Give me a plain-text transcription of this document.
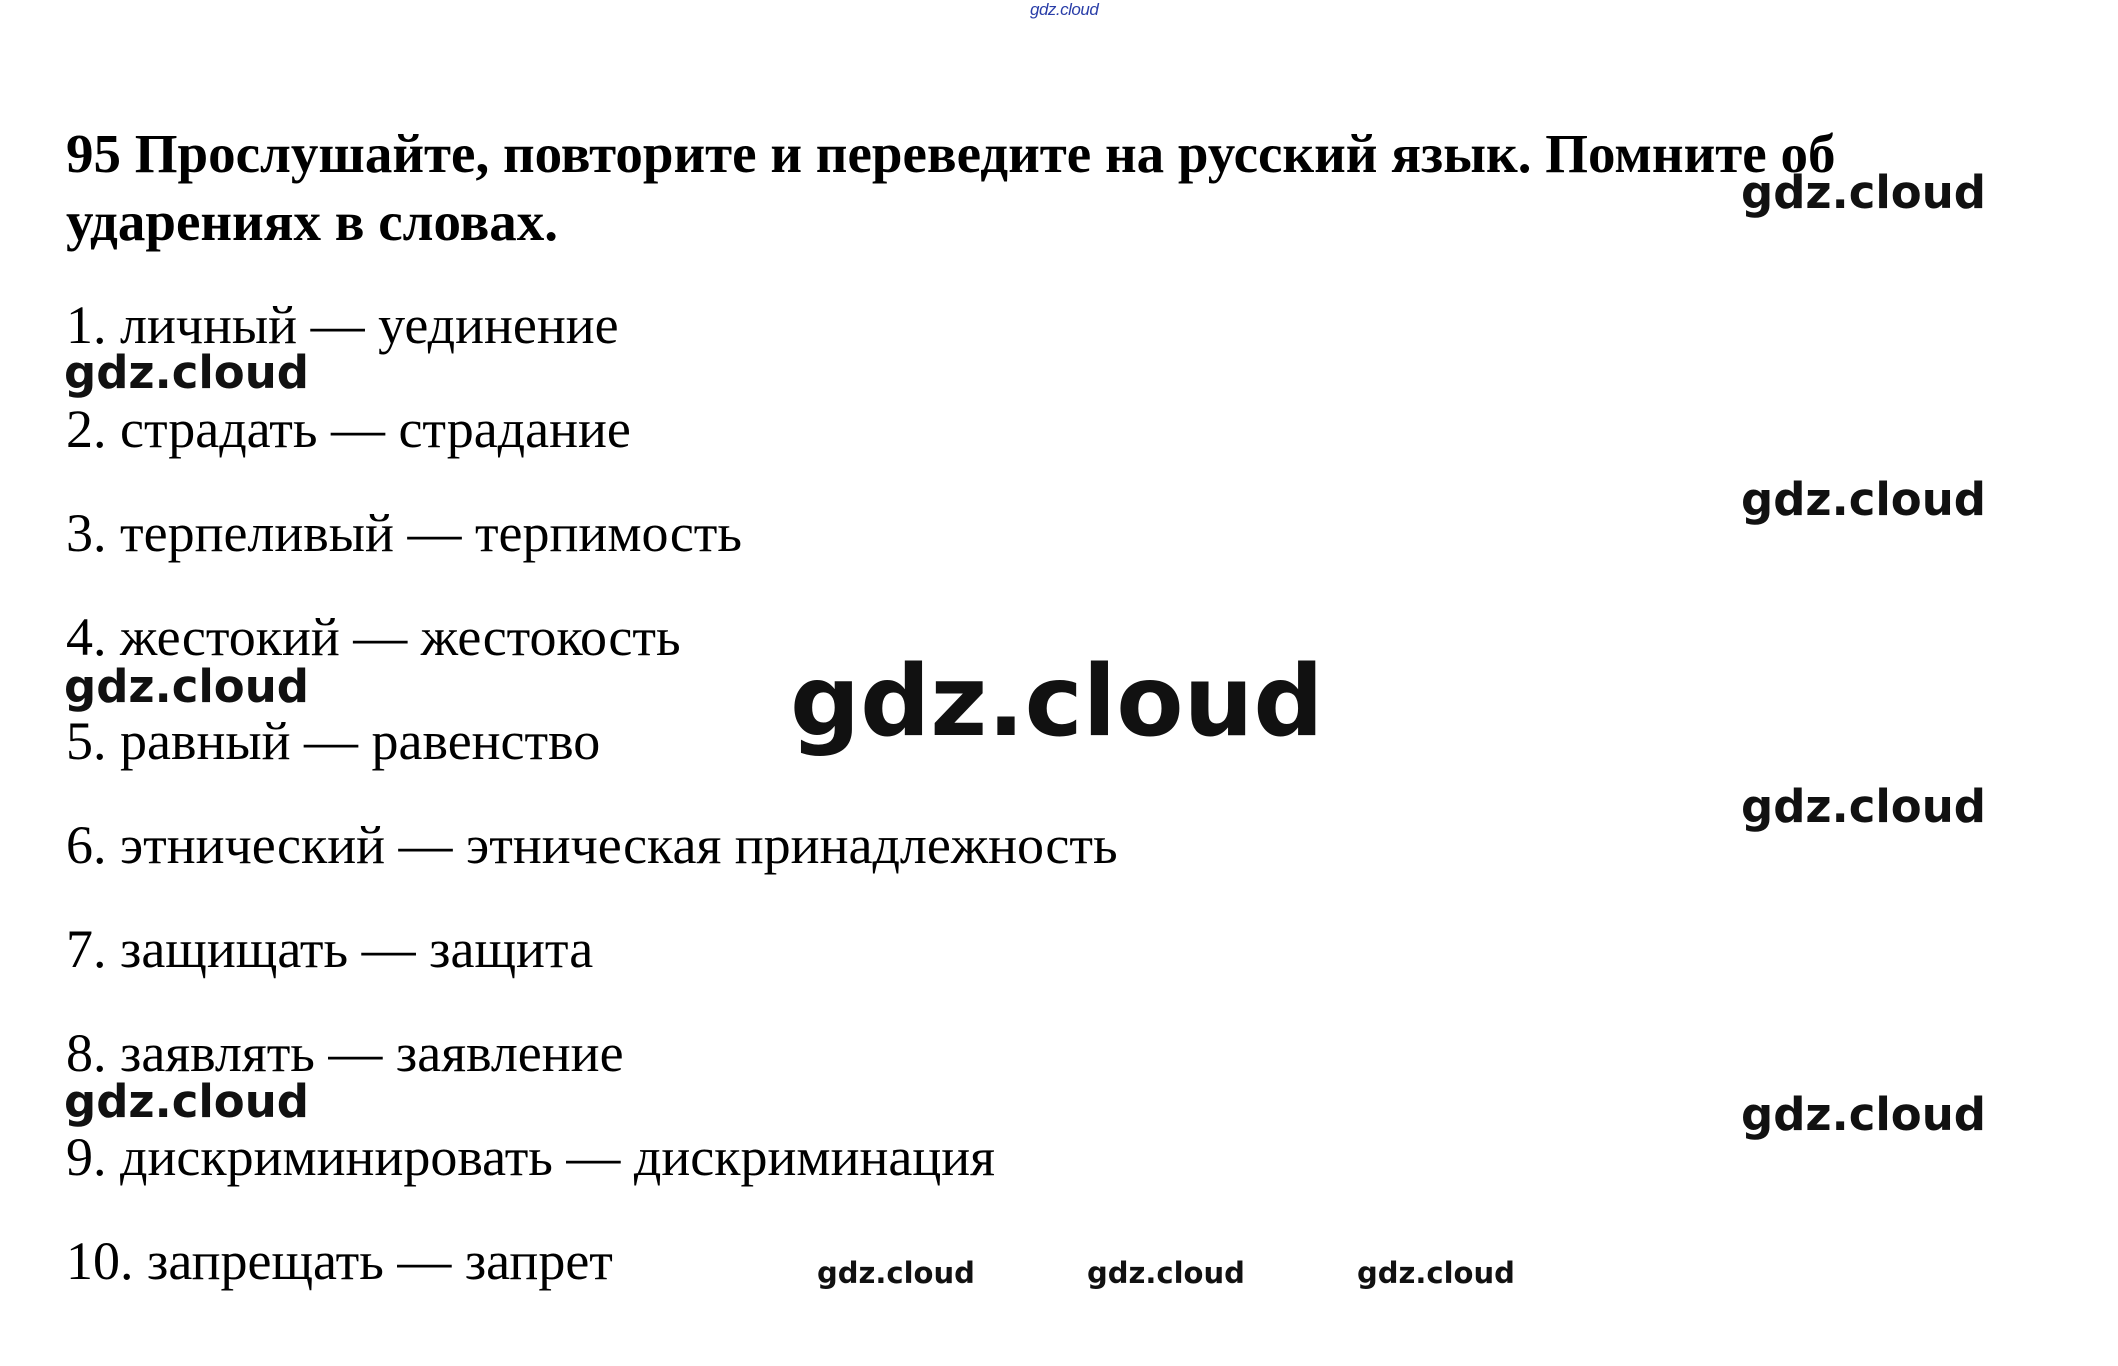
gdz.cloud

95 Прослушайте, повторите и переведите на русский язык. Помните об ударениях в словах.

1. личный — уединение
2. страдать — страдание
3. терпеливый — терпимость
4. жестокий — жестокость
5. равный — равенство
6. этнический — этническая принадлежность
7. защищать — защита
8. заявлять — заявление
9. дискриминировать — дискриминация
10. запрещать — запрет
gdz.cloud
gdz.cloud
gdz.cloud
gdz.cloud	gdz.cloud
gdz.cloud
gdz.cloud	gdz.cloud
gdz.cloud	gdz.cloud	gdz.cloud
